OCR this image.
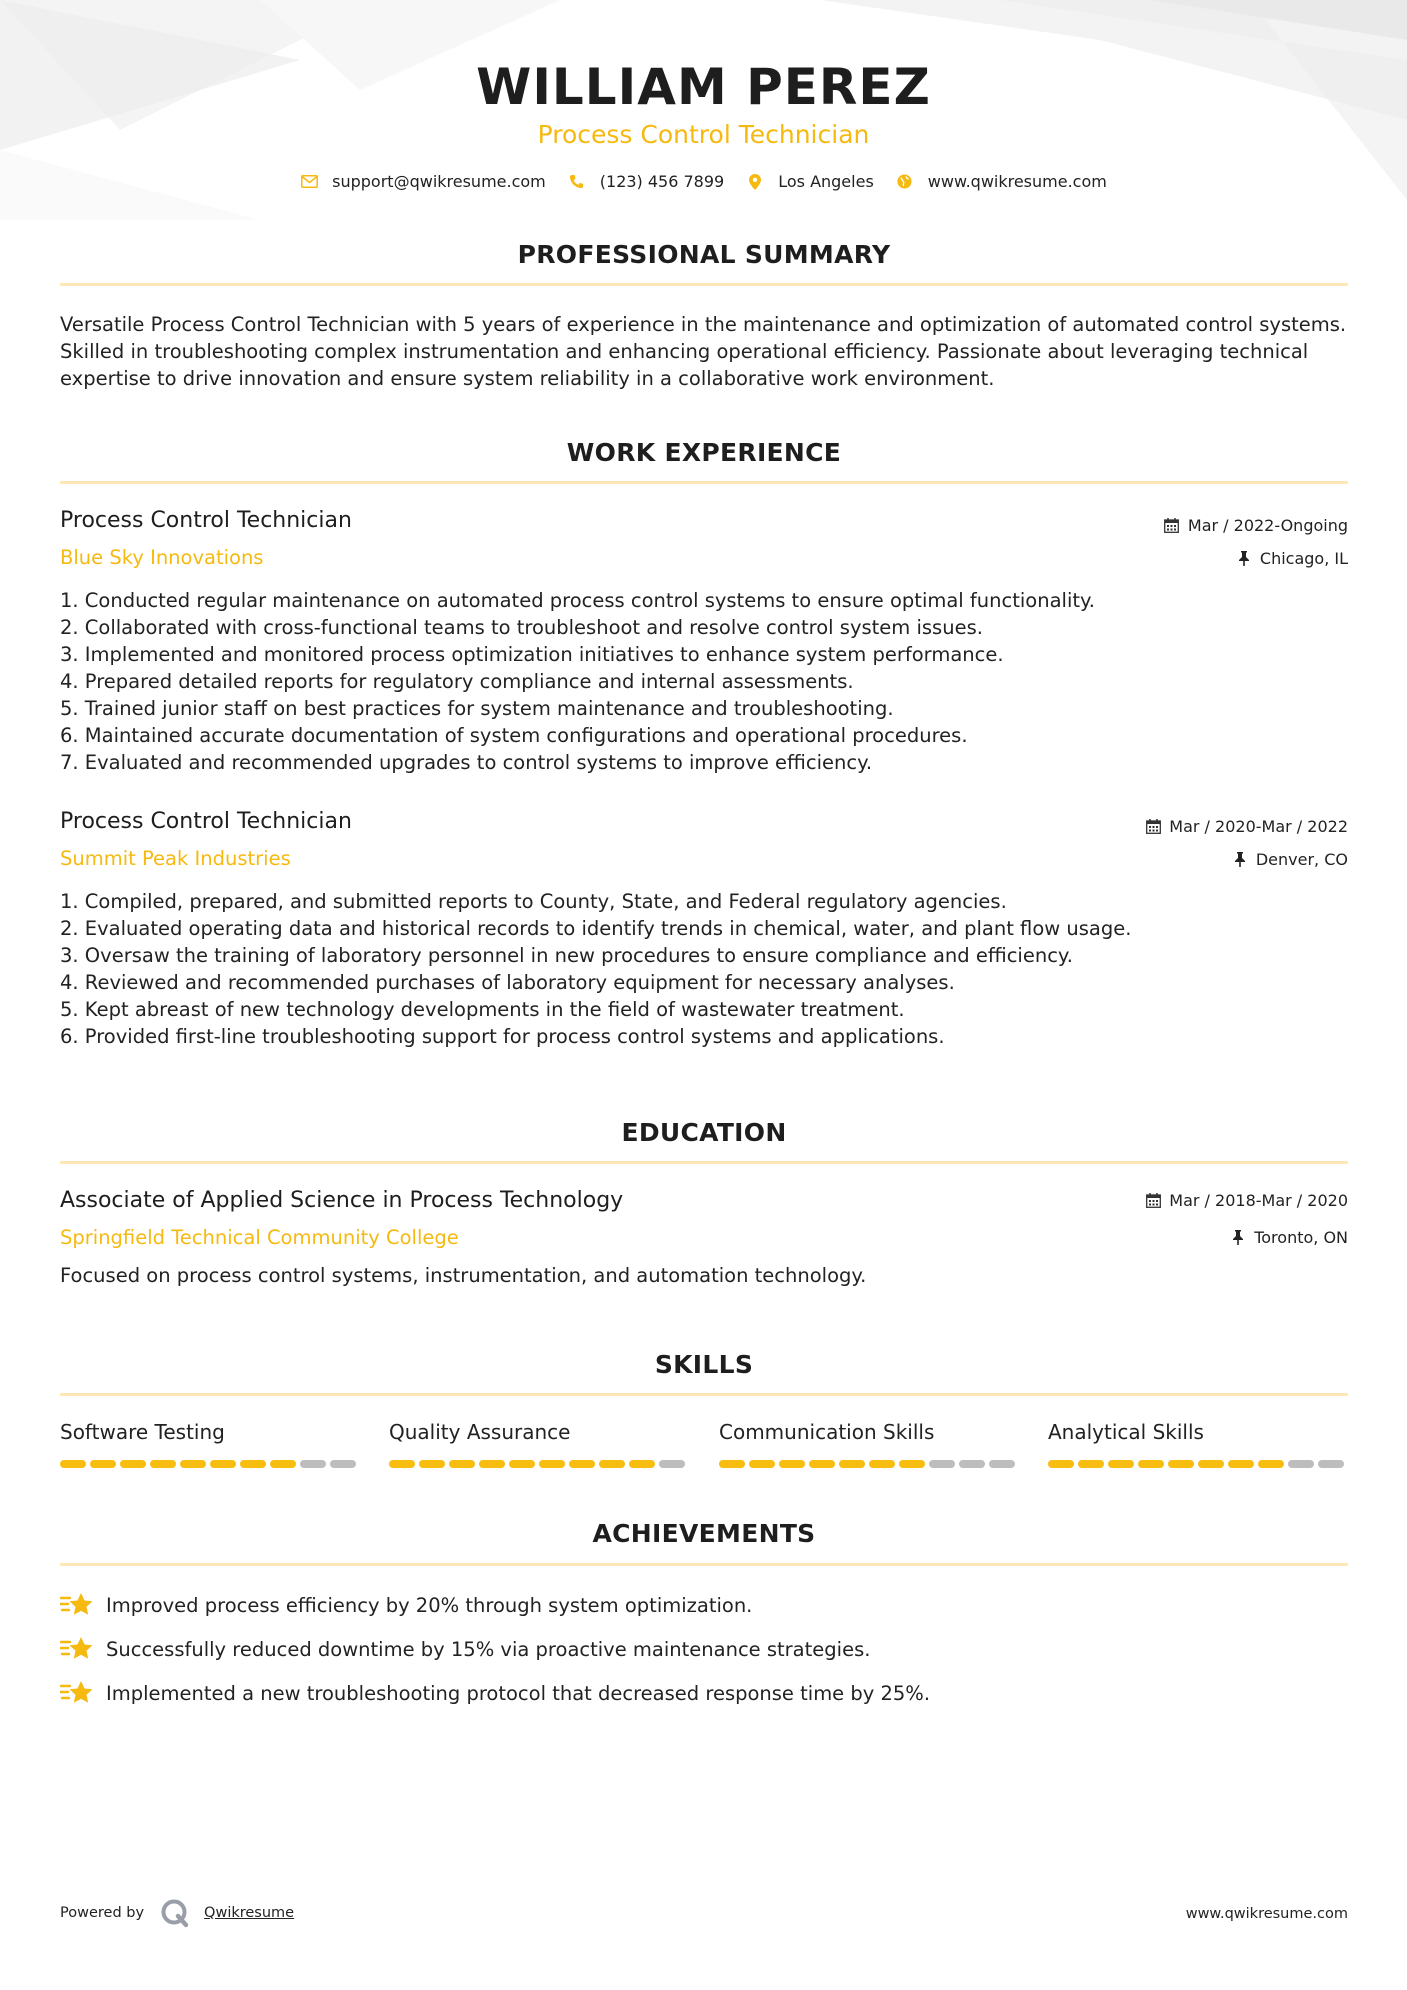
WILLIAM PEREZ
Process Control Technician
support@qwikresume.com	(123) 456 7899	Los Angeles	www.qwikresume.com
PROFESSIONAL SUMMARY
Versatile Process Control Technician with 5 years of experience in the maintenance and optimization of automated control systems. Skilled in troubleshooting complex instrumentation and enhancing operational efficiency. Passionate about leveraging technical expertise to drive innovation and ensure system reliability in a collaborative work environment.
WORK EXPERIENCE
Process Control Technician	Mar / 2022-Ongoing
Blue Sky Innovations	Chicago, IL
1. Conducted regular maintenance on automated process control systems to ensure optimal functionality.
2. Collaborated with cross-functional teams to troubleshoot and resolve control system issues.
3. Implemented and monitored process optimization initiatives to enhance system performance.
4. Prepared detailed reports for regulatory compliance and internal assessments.
5. Trained junior staff on best practices for system maintenance and troubleshooting.
6. Maintained accurate documentation of system configurations and operational procedures.
7. Evaluated and recommended upgrades to control systems to improve efficiency.
Process Control Technician	Mar / 2020-Mar / 2022
Summit Peak Industries	Denver, CO
1. Compiled, prepared, and submitted reports to County, State, and Federal regulatory agencies.
2. Evaluated operating data and historical records to identify trends in chemical, water, and plant flow usage.
3. Oversaw the training of laboratory personnel in new procedures to ensure compliance and efficiency.
4. Reviewed and recommended purchases of laboratory equipment for necessary analyses.
5. Kept abreast of new technology developments in the field of wastewater treatment.
6. Provided first-line troubleshooting support for process control systems and applications.
EDUCATION
Associate of Applied Science in Process Technology	Mar / 2018-Mar / 2020
Springfield Technical Community College	Toronto, ON
Focused on process control systems, instrumentation, and automation technology.
SKILLS
Software Testing	Quality Assurance	Communication Skills	Analytical Skills
ACHIEVEMENTS
Improved process efficiency by 20% through system optimization.
Successfully reduced downtime by 15% via proactive maintenance strategies.
Implemented a new troubleshooting protocol that decreased response time by 25%.
Powered by	Qwikresume	www.qwikresume.com
